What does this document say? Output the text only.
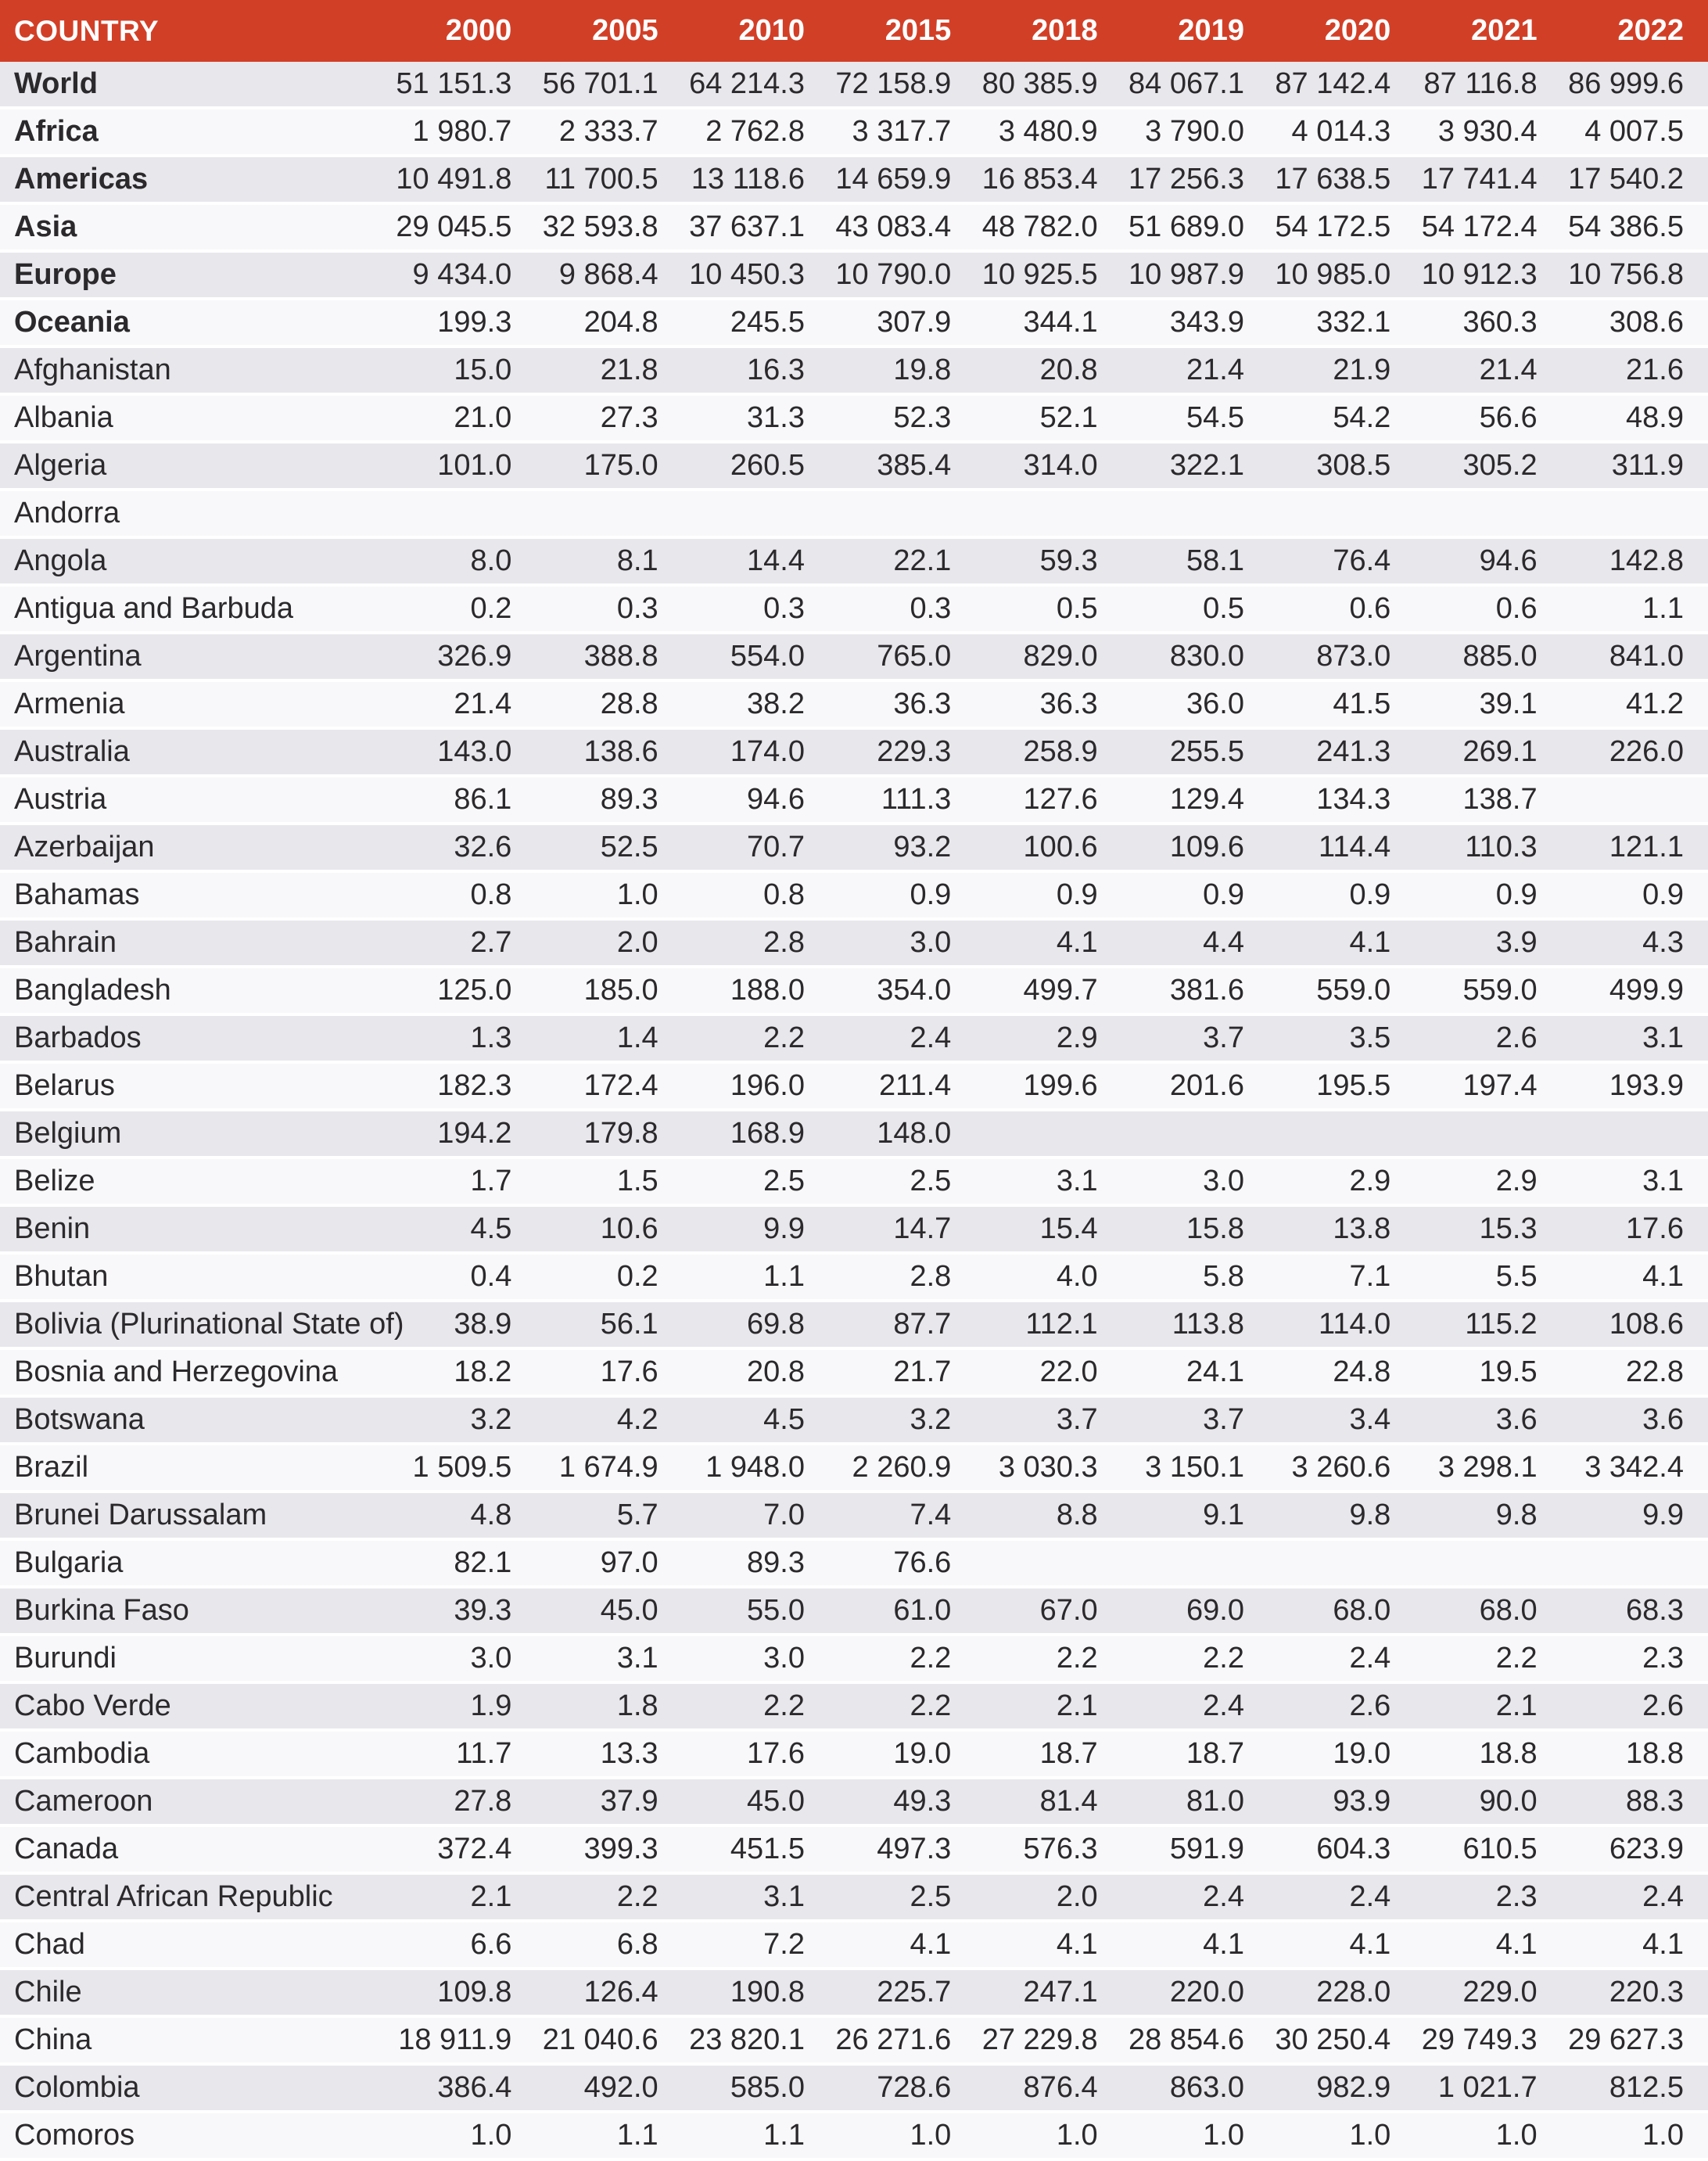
COUNTRY	2000	2005	2010	2015	2018	2019	2020	2021	2022
World	51 151.3	56 701.1	64 214.3	72 158.9	80 385.9	84 067.1	87 142.4	87 116.8	86 999.6
Africa	1 980.7	2 333.7	2 762.8	3 317.7	3 480.9	3 790.0	4 014.3	3 930.4	4 007.5
Americas	10 491.8	11 700.5	13 118.6	14 659.9	16 853.4	17 256.3	17 638.5	17 741.4	17 540.2
Asia	29 045.5	32 593.8	37 637.1	43 083.4	48 782.0	51 689.0	54 172.5	54 172.4	54 386.5
Europe	9 434.0	9 868.4	10 450.3	10 790.0	10 925.5	10 987.9	10 985.0	10 912.3	10 756.8
Oceania	199.3	204.8	245.5	307.9	344.1	343.9	332.1	360.3	308.6
Afghanistan	15.0	21.8	16.3	19.8	20.8	21.4	21.9	21.4	21.6
Albania	21.0	27.3	31.3	52.3	52.1	54.5	54.2	56.6	48.9
Algeria	101.0	175.0	260.5	385.4	314.0	322.1	308.5	305.2	311.9
Andorra									
Angola	8.0	8.1	14.4	22.1	59.3	58.1	76.4	94.6	142.8
Antigua and Barbuda	0.2	0.3	0.3	0.3	0.5	0.5	0.6	0.6	1.1
Argentina	326.9	388.8	554.0	765.0	829.0	830.0	873.0	885.0	841.0
Armenia	21.4	28.8	38.2	36.3	36.3	36.0	41.5	39.1	41.2
Australia	143.0	138.6	174.0	229.3	258.9	255.5	241.3	269.1	226.0
Austria	86.1	89.3	94.6	111.3	127.6	129.4	134.3	138.7	
Azerbaijan	32.6	52.5	70.7	93.2	100.6	109.6	114.4	110.3	121.1
Bahamas	0.8	1.0	0.8	0.9	0.9	0.9	0.9	0.9	0.9
Bahrain	2.7	2.0	2.8	3.0	4.1	4.4	4.1	3.9	4.3
Bangladesh	125.0	185.0	188.0	354.0	499.7	381.6	559.0	559.0	499.9
Barbados	1.3	1.4	2.2	2.4	2.9	3.7	3.5	2.6	3.1
Belarus	182.3	172.4	196.0	211.4	199.6	201.6	195.5	197.4	193.9
Belgium	194.2	179.8	168.9	148.0					
Belize	1.7	1.5	2.5	2.5	3.1	3.0	2.9	2.9	3.1
Benin	4.5	10.6	9.9	14.7	15.4	15.8	13.8	15.3	17.6
Bhutan	0.4	0.2	1.1	2.8	4.0	5.8	7.1	5.5	4.1
Bolivia (Plurinational State of)	38.9	56.1	69.8	87.7	112.1	113.8	114.0	115.2	108.6
Bosnia and Herzegovina	18.2	17.6	20.8	21.7	22.0	24.1	24.8	19.5	22.8
Botswana	3.2	4.2	4.5	3.2	3.7	3.7	3.4	3.6	3.6
Brazil	1 509.5	1 674.9	1 948.0	2 260.9	3 030.3	3 150.1	3 260.6	3 298.1	3 342.4
Brunei Darussalam	4.8	5.7	7.0	7.4	8.8	9.1	9.8	9.8	9.9
Bulgaria	82.1	97.0	89.3	76.6					
Burkina Faso	39.3	45.0	55.0	61.0	67.0	69.0	68.0	68.0	68.3
Burundi	3.0	3.1	3.0	2.2	2.2	2.2	2.4	2.2	2.3
Cabo Verde	1.9	1.8	2.2	2.2	2.1	2.4	2.6	2.1	2.6
Cambodia	11.7	13.3	17.6	19.0	18.7	18.7	19.0	18.8	18.8
Cameroon	27.8	37.9	45.0	49.3	81.4	81.0	93.9	90.0	88.3
Canada	372.4	399.3	451.5	497.3	576.3	591.9	604.3	610.5	623.9
Central African Republic	2.1	2.2	3.1	2.5	2.0	2.4	2.4	2.3	2.4
Chad	6.6	6.8	7.2	4.1	4.1	4.1	4.1	4.1	4.1
Chile	109.8	126.4	190.8	225.7	247.1	220.0	228.0	229.0	220.3
China	18 911.9	21 040.6	23 820.1	26 271.6	27 229.8	28 854.6	30 250.4	29 749.3	29 627.3
Colombia	386.4	492.0	585.0	728.6	876.4	863.0	982.9	1 021.7	812.5
Comoros	1.0	1.1	1.1	1.0	1.0	1.0	1.0	1.0	1.0
